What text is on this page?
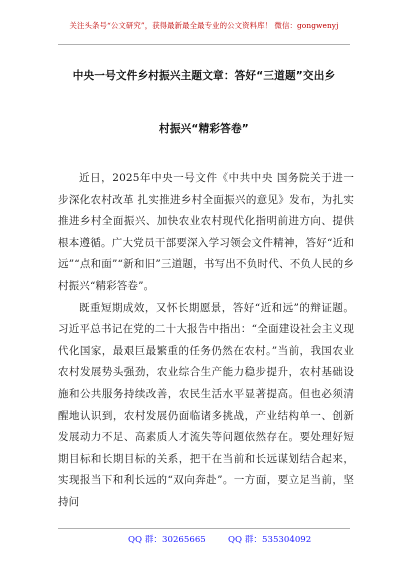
关注头条号“公文研究”，获得最新最全最专业的公文资料库！ 微信：gongwenyj
中央一号文件乡村振兴主题文章：答好“三道题”交出乡
村振兴“精彩答卷”

近日，2025年中央一号文件《中共中央 国务院关于进一步深化农村改革 扎实推进乡村全面振兴的意见》发布，为扎实推进乡村全面振兴、加快农业农村现代化指明前进方向、提供根本遵循。广大党员干部要深入学习领会文件精神，答好“近和远”“点和面”“新和旧”三道题，书写出不负时代、不负人民的乡村振兴“精彩答卷”。

既重短期成效，又怀长期愿景，答好“近和远”的辩证题。习近平总书记在党的二十大报告中指出：“全面建设社会主义现代化国家，最艰巨最繁重的任务仍然在农村。”当前，我国农业农村发展势头强劲，农业综合生产能力稳步提升，农村基础设施和公共服务持续改善，农民生活水平显著提高。但也必须清醒地认识到，农村发展仍面临诸多挑战，产业结构单一、创新发展动力不足、高素质人才流失等问题依然存在。要处理好短期目标和长期目标的关系，把干在当前和长远谋划结合起来，实现报当下和利长远的“双向奔赴”。一方面，要立足当前，坚持问

QQ 群：30265665	QQ 群：535304092
